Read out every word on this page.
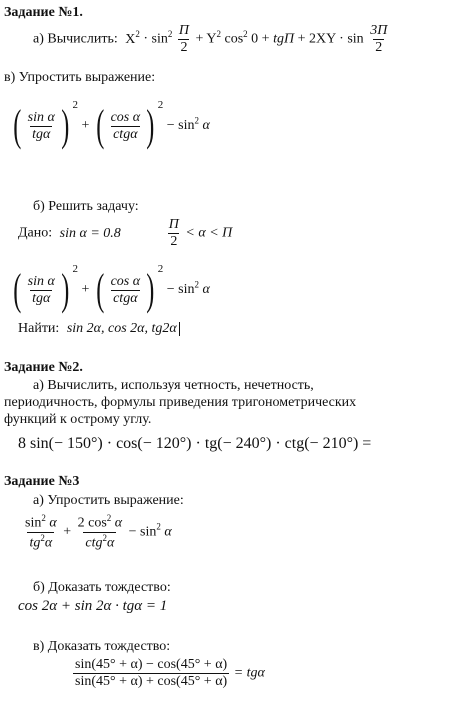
Задание №1.
а) Вычислить: $X^2 \cdot \sin^2 \frac{П}{2} + Y^2$ $\cos^2 0$ + tgП + $2XY \cdot \sin \frac{3П}{2}$
в) Упростить выражение:
( $\frac{\text{sin α}}{\text{tgα}}$ ) 2
+ ( $\frac{\text{cos α}}{\text{ctgα}}$ ) 2
− $\sin^2 \alpha$
б) Решить задачу:
Дано: sin α = 0.8	$\frac{П}{2} < \alpha < П$
( $\frac{\text{sin α}}{\text{tgα}}$ ) 2
+ ( $\frac{\text{cos α}}{\text{ctgα}}$ ) 2
− $\sin^2 \alpha$
Найти: sin 2α, cos 2α, tg2α
Задание №2.
а) Вычислить, используя четность, нечетность,
периодичность, формулы приведения тригонометрических
функций к острому углу.
8 sin(− 150°) · cos(− 120°) · tg(− 240°) · ctg(− 210°) =
Задание №3
а) Упростить выражение:
$\frac{\sin^2 \alpha}{tg^2\alpha} + \frac{2 \cos^2 \alpha}{ctg^2\alpha} - \sin^2 \alpha$
б) Доказать тождество:
cos 2α + sin 2α · tgα = 1
в) Доказать тождество:
$\frac{\sin(45^\circ + \alpha) - \cos(45^\circ + \alpha)}{\sin(45^\circ + \alpha) + \cos(45^\circ + \alpha)} = tg\alpha$
